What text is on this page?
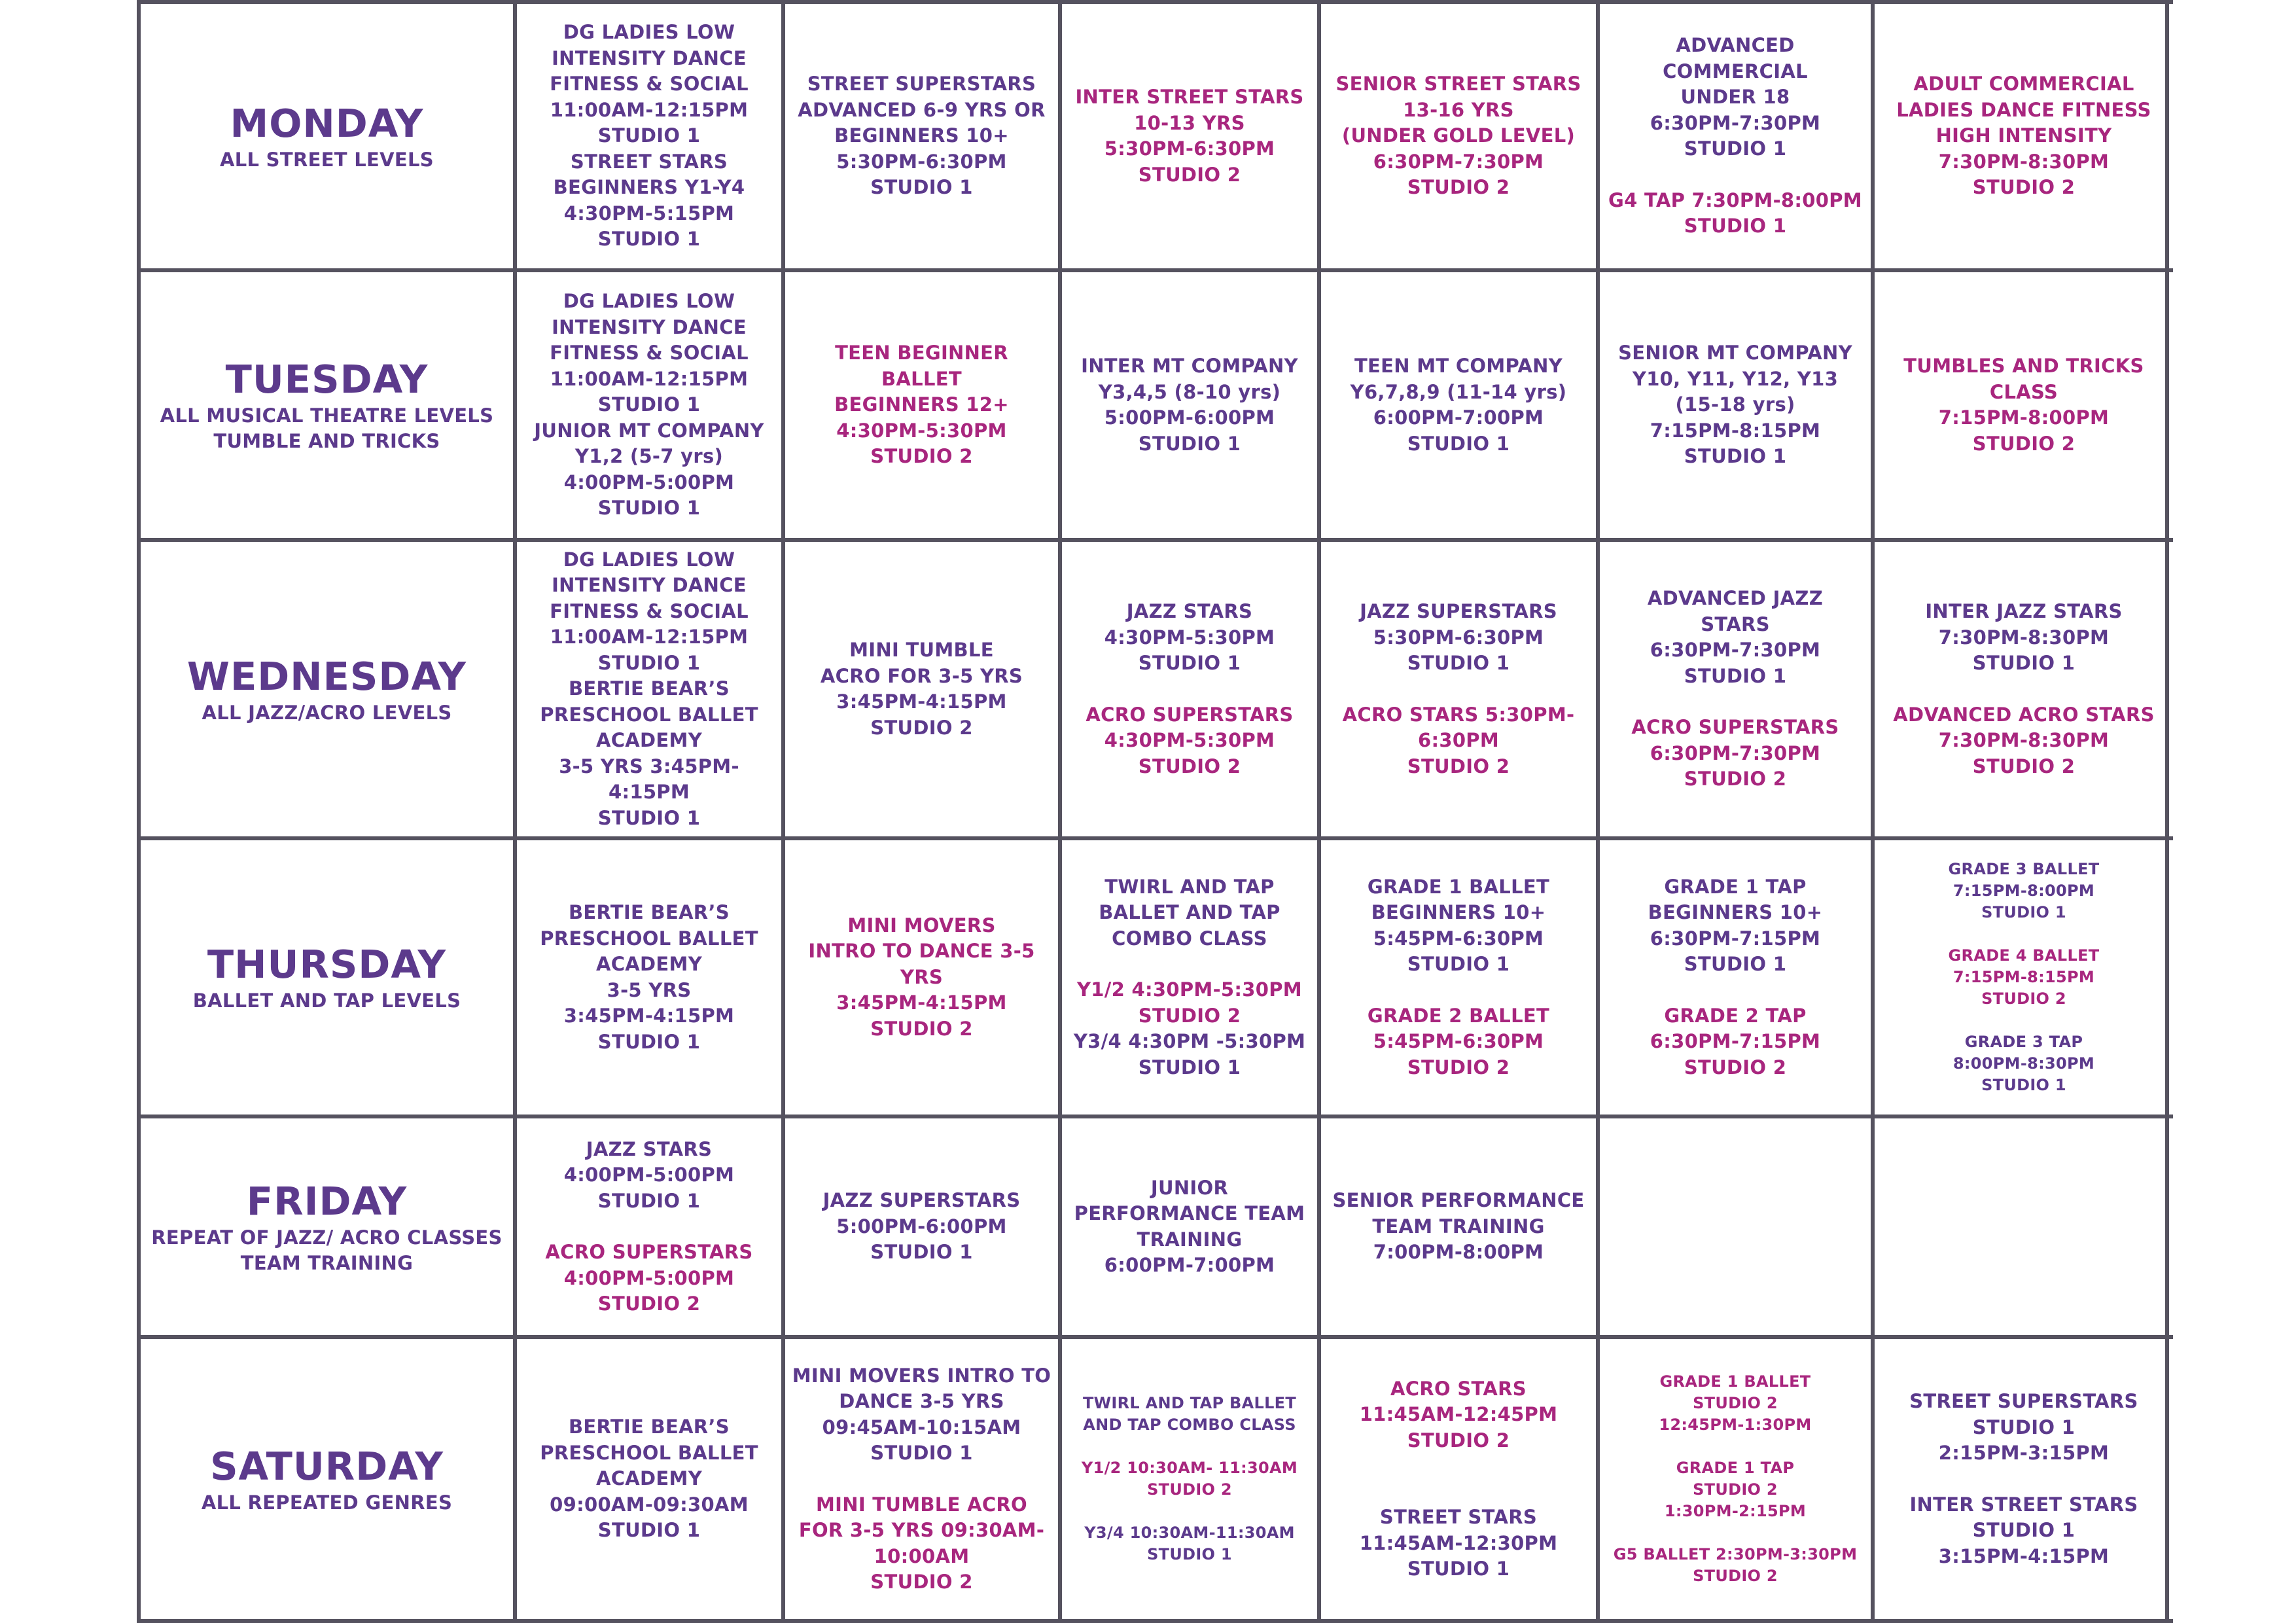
MONDAY
ALL STREET LEVELS
DG LADIES LOW
INTENSITY DANCE
FITNESS & SOCIAL
11:00AM-12:15PM
STUDIO 1
STREET STARS
BEGINNERS Y1-Y4
4:30PM-5:15PM
STUDIO 1
STREET SUPERSTARS
ADVANCED 6-9 YRS OR
BEGINNERS 10+
5:30PM-6:30PM
STUDIO 1
INTER STREET STARS
10-13 YRS
5:30PM-6:30PM
STUDIO 2
SENIOR STREET STARS
13-16 YRS
(UNDER GOLD LEVEL)
6:30PM-7:30PM
STUDIO 2
ADVANCED
COMMERCIAL
UNDER 18
6:30PM-7:30PM
STUDIO 1
G4 TAP 7:30PM-8:00PM
STUDIO 1
ADULT COMMERCIAL
LADIES DANCE FITNESS
HIGH INTENSITY
7:30PM-8:30PM
STUDIO 2
TUESDAY
ALL MUSICAL THEATRE LEVELS
TUMBLE AND TRICKS
DG LADIES LOW
INTENSITY DANCE
FITNESS & SOCIAL
11:00AM-12:15PM
STUDIO 1
JUNIOR MT COMPANY
Y1,2 (5-7 yrs)
4:00PM-5:00PM
STUDIO 1
TEEN BEGINNER
BALLET
BEGINNERS 12+
4:30PM-5:30PM
STUDIO 2
INTER MT COMPANY
Y3,4,5 (8-10 yrs)
5:00PM-6:00PM
STUDIO 1
TEEN MT COMPANY
Y6,7,8,9 (11-14 yrs)
6:00PM-7:00PM
STUDIO 1
SENIOR MT COMPANY
Y10, Y11, Y12, Y13
(15-18 yrs)
7:15PM-8:15PM
STUDIO 1
TUMBLES AND TRICKS
CLASS
7:15PM-8:00PM
STUDIO 2
WEDNESDAY
ALL JAZZ/ACRO LEVELS
DG LADIES LOW
INTENSITY DANCE
FITNESS & SOCIAL
11:00AM-12:15PM
STUDIO 1
BERTIE BEAR’S
PRESCHOOL BALLET
ACADEMY
3-5 YRS 3:45PM-4:15PM
STUDIO 1
MINI TUMBLE
ACRO FOR 3-5 YRS
3:45PM-4:15PM
STUDIO 2
JAZZ STARS
4:30PM-5:30PM
STUDIO 1
ACRO SUPERSTARS
4:30PM-5:30PM
STUDIO 2
JAZZ SUPERSTARS
5:30PM-6:30PM
STUDIO 1
ACRO STARS 5:30PM-
6:30PM
STUDIO 2
ADVANCED JAZZ
STARS
6:30PM-7:30PM
STUDIO 1
ACRO SUPERSTARS
6:30PM-7:30PM
STUDIO 2
INTER JAZZ STARS
7:30PM-8:30PM
STUDIO 1
ADVANCED ACRO STARS
7:30PM-8:30PM
STUDIO 2
THURSDAY
BALLET AND TAP LEVELS
BERTIE BEAR’S
PRESCHOOL BALLET
ACADEMY
3-5 YRS
3:45PM-4:15PM
STUDIO 1
MINI MOVERS
INTRO TO DANCE 3-5
YRS
3:45PM-4:15PM
STUDIO 2
TWIRL AND TAP
BALLET AND TAP
COMBO CLASS
Y1/2 4:30PM-5:30PM
STUDIO 2
Y3/4 4:30PM -5:30PM
STUDIO 1
GRADE 1 BALLET
BEGINNERS 10+
5:45PM-6:30PM
STUDIO 1
GRADE 2 BALLET
5:45PM-6:30PM
STUDIO 2
GRADE 1 TAP
BEGINNERS 10+
6:30PM-7:15PM
STUDIO 1
GRADE 2 TAP
6:30PM-7:15PM
STUDIO 2
GRADE 3 BALLET
7:15PM-8:00PM
STUDIO 1
GRADE 4 BALLET
7:15PM-8:15PM
STUDIO 2
GRADE 3 TAP
8:00PM-8:30PM
STUDIO 1
FRIDAY
REPEAT OF JAZZ/ ACRO CLASSES
TEAM TRAINING
JAZZ STARS
4:00PM-5:00PM
STUDIO 1
ACRO SUPERSTARS
4:00PM-5:00PM
STUDIO 2
JAZZ SUPERSTARS
5:00PM-6:00PM
STUDIO 1
JUNIOR
PERFORMANCE TEAM
TRAINING
6:00PM-7:00PM
SENIOR PERFORMANCE
TEAM TRAINING
7:00PM-8:00PM
SATURDAY
ALL REPEATED GENRES
BERTIE BEAR’S
PRESCHOOL BALLET
ACADEMY
09:00AM-09:30AM
STUDIO 1
MINI MOVERS INTRO TO
DANCE 3-5 YRS
09:45AM-10:15AM
STUDIO 1
MINI TUMBLE ACRO
FOR 3-5 YRS 09:30AM-
10:00AM
STUDIO 2
TWIRL AND TAP BALLET
AND TAP COMBO CLASS
Y1/2 10:30AM- 11:30AM
STUDIO 2
Y3/4 10:30AM-11:30AM
STUDIO 1
ACRO STARS
11:45AM-12:45PM
STUDIO 2
STREET STARS
11:45AM-12:30PM
STUDIO 1
GRADE 1 BALLET
STUDIO 2
12:45PM-1:30PM
GRADE 1 TAP
STUDIO 2
1:30PM-2:15PM
G5 BALLET 2:30PM-3:30PM
STUDIO 2
STREET SUPERSTARS
STUDIO 1
2:15PM-3:15PM
INTER STREET STARS
STUDIO 1
3:15PM-4:15PM
